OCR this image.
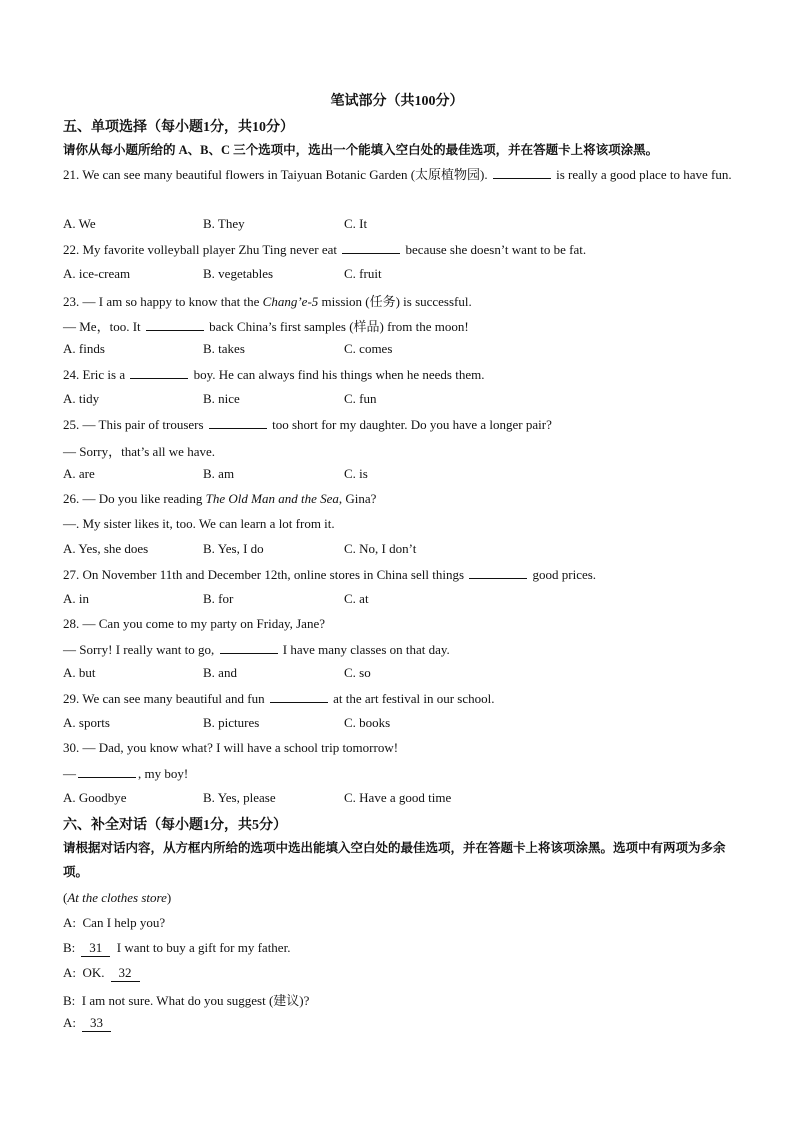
笔试部分（共100分）
五、单项选择（每小题1分，共10分）
请你从每小题所给的 A、B、C 三个选项中，选出一个能填入空白处的最佳选项，并在答题卡上将该项涂黑。
21. We can see many beautiful flowers in Taiyuan Botanic Garden (太原植物园).	is really a good place to have fun.
A. We	B. They	C. It
22. My favorite volleyball player Zhu Ting never eat	because she doesn’t want to be fat.
A. ice-cream	B. vegetables	C. fruit
23. — I am so happy to know that the Chang’e-5 mission (任务) is successful.
— Me，too. It	back China’s first samples (样品) from the moon!
A. finds	B. takes	C. comes
24. Eric is a	boy. He can always find his things when he needs them.
A. tidy	B. nice	C. fun
25. — This pair of trousers	too short for my daughter. Do you have a longer pair?
— Sorry，that’s all we have.
A. are	B. am	C. is
26. — Do you like reading The Old Man and the Sea, Gina?
—. My sister likes it, too. We can learn a lot from it.
A. Yes, she does	B. Yes, I do	C. No, I don’t
27. On November 11th and December 12th, online stores in China sell things	good prices.
A. in	B. for	C. at
28. — Can you come to my party on Friday, Jane?
— Sorry! I really want to go,	I have many classes on that day.
A. but	B. and	C. so
29. We can see many beautiful and fun	at the art festival in our school.
A. sports	B. pictures	C. books
30. — Dad, you know what? I will have a school trip tomorrow!
—	, my boy!
A. Goodbye	B. Yes, please	C. Have a good time
六、补全对话（每小题1分，共5分）
请根据对话内容，从方框内所给的选项中选出能填入空白处的最佳选项，并在答题卡上将该项涂黑。选项中有两项为多余项。
(At the clothes store)
A: Can I help you?
B: 31 I want to buy a gift for my father.
A: OK. 32
B: I am not sure. What do you suggest (建议)?
A: 33
